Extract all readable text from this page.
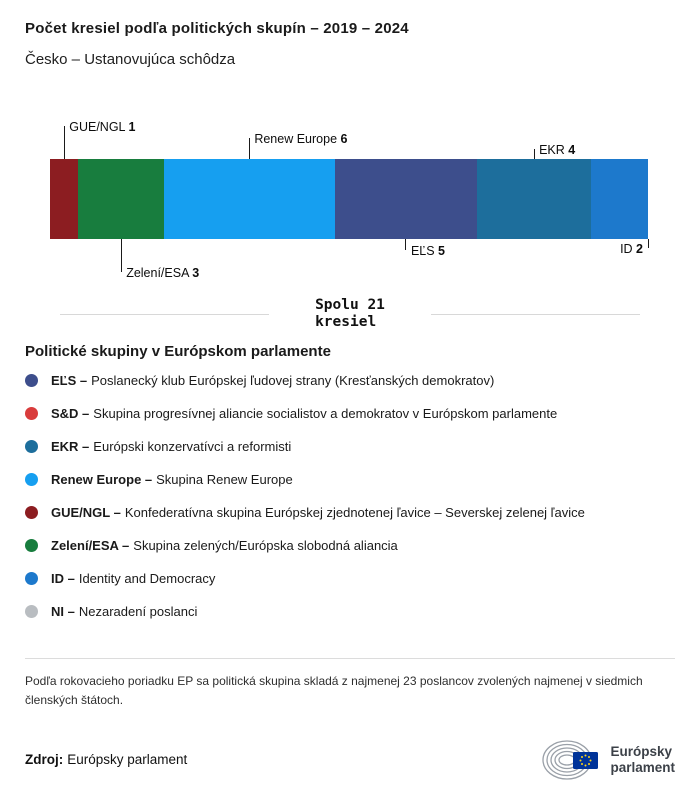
Počet kresiel podľa politických skupín – 2019 – 2024
Česko – Ustanovujúca schôdza
GUE/NGL 1
Zelení/ESA 3
Renew Europe 6
EĽS 5
EKR 4
ID 2
Spolu 21
kresiel
Politické skupiny v Európskom parlamente
EĽS – Poslanecký klub Európskej ľudovej strany (Kresťanských demokratov)
S&D – Skupina progresívnej aliancie socialistov a demokratov v Európskom parlamente
EKR – Európski konzervatívci a reformisti
Renew Europe – Skupina Renew Europe
GUE/NGL – Konfederatívna skupina Európskej zjednotenej ľavice – Severskej zelenej ľavice
Zelení/ESA – Skupina zelených/Európska slobodná aliancia
ID – Identity and Democracy
NI – Nezaradení poslanci
Podľa rokovacieho poriadku EP sa politická skupina skladá z najmenej 23 poslancov zvolených najmenej v siedmich členských štátoch.
Zdroj: Európsky parlament
Európsky
parlament
